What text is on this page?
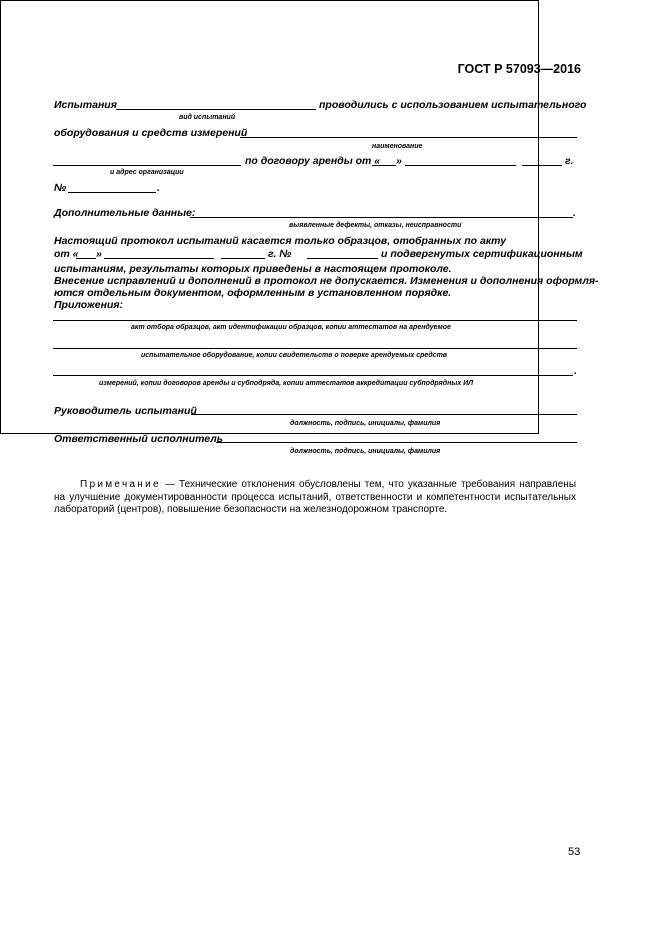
ГОСТ Р 57093—2016
Испытания	проводились с использованием испытательного
вид испытаний
оборудования и средств измерений
наименование
по договору аренды от « »	г.
и адрес организации
№	.
Дополнительные данные:	.
выявленные дефекты, отказы, неисправности
Настоящий протокол испытаний касается только образцов, отобранных по акту
от « »	г. №	и подвергнутых сертификационным
испытаниям, результаты которых приведены в настоящем протоколе.
Внесение исправлений и дополнений в протокол не допускается. Изменения и дополнения оформля-
ются отдельным документом, оформленным в установленном порядке.
Приложения:
акт отбора образцов, акт идентификации образцов, копии аттестатов на арендуемое
испытательное оборудование, копии свидетельств о поверке арендуемых средств
.
измерений, копии договоров аренды и субподряда, копии аттестатов аккредитации субподрядных ИЛ
Руководитель испытаний
должность, подпись, инициалы, фамилия
Ответственный исполнитель
должность, подпись, инициалы, фамилия
Примечание — Технические отклонения обусловлены тем, что указанные требования направлены на улучшение документированности процесса испытаний, ответственности и компетентности испытательных лабораторий (центров), повышение безопасности на железнодорожном транспорте.
53
